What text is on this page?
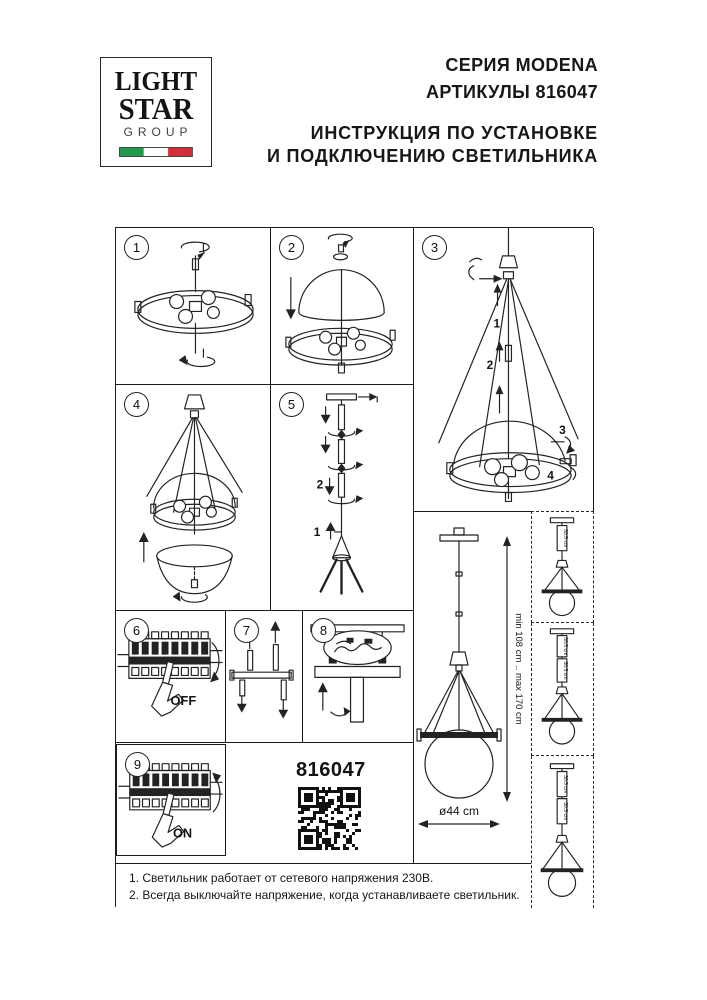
LIGHT
STAR
GROUP
СЕРИЯ MODENA
АРТИКУЛЫ 816047
ИНСТРУКЦИЯ ПО УСТАНОВКЕ
И ПОДКЛЮЧЕНИЮ СВЕТИЛЬНИКА
1	2	3
1
2
3
4
4	5
2
1
6
OFF
7	8
9
ON
816047
min 108 cm .. max 170 cm
ø44 cm
30.5 cm
30.5 cm
30.5 cm
30.5 cm
30.5 cm
1. Светильник работает от сетевого напряжения 230В.
2. Всегда выключайте напряжение, когда устанавливаете светильник.
